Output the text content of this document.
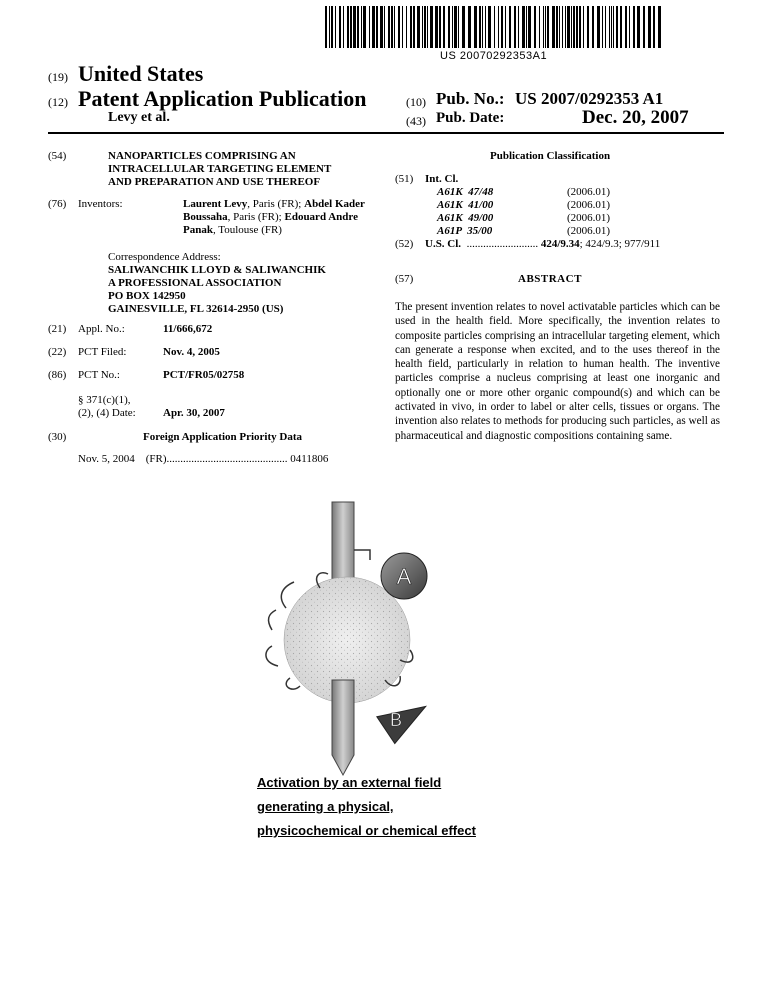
US 20070292353A1
(19) United States
(12) Patent Application Publication
Levy et al.
(10) Pub. No.: US 2007/0292353 A1
(43) Pub. Date:	Dec. 20, 2007
(54)	NANOPARTICLES COMPRISING AN
INTRACELLULAR TARGETING ELEMENT
AND PREPARATION AND USE THEREOF
(76) Inventors:	Laurent Levy, Paris (FR); Abdel Kader Boussaha, Paris (FR); Edouard Andre Panak, Toulouse (FR)
Correspondence Address:
SALIWANCHIK LLOYD & SALIWANCHIK
A PROFESSIONAL ASSOCIATION
PO BOX 142950
GAINESVILLE, FL 32614-2950 (US)
(21) Appl. No.:	11/666,672
(22) PCT Filed:	Nov. 4, 2005
(86) PCT No.:	PCT/FR05/02758
§ 371(c)(1),
(2), (4) Date: Apr. 30, 2007
(30)	Foreign Application Priority Data
Nov. 5, 2004 (FR)............................................ 0411806
Publication Classification
(51) Int. Cl.
A61K  47/48	(2006.01)
A61K  41/00	(2006.01)
A61K  49/00	(2006.01)
A61P  35/00	(2006.01)
(52) U.S. Cl. .......................... 424/9.34; 424/9.3; 977/911
(57)	ABSTRACT
The present invention relates to novel activatable particles which can be used in the health field. More specifically, the invention relates to composite particles comprising an intracellular targeting element, which can generate a response when excited, and to the uses thereof in the health field, particularly in relation to human health. The inventive particles comprise a nucleus comprising at least one inorganic and optionally one or more other organic compound(s) and which can be activated in vivo, in order to label or alter cells, tissues or organs. The invention also relates to methods for producing such particles, as well as pharmaceutical and diagnostic compositions containing same.
A
B
Activation by an external field
generating a physical,
physicochemical or chemical effect
